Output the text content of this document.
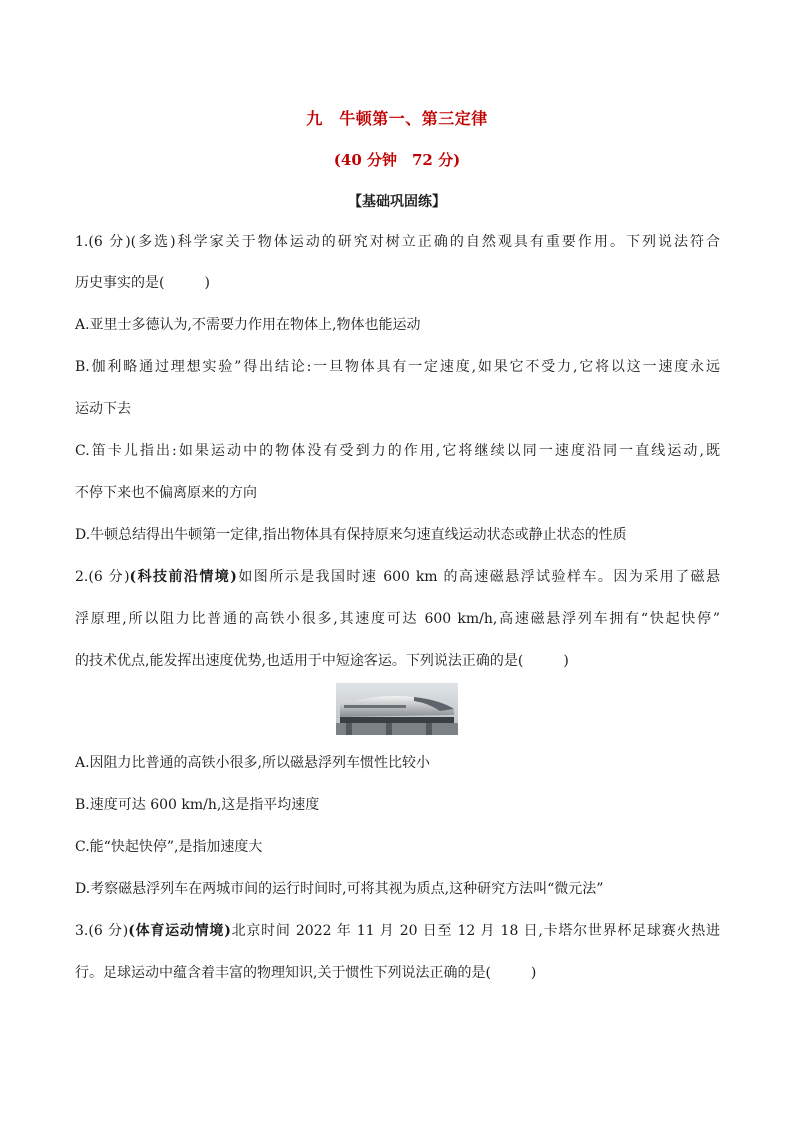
九　牛顿第一、第三定律
(40 分钟　72 分)
【基础巩固练】
1.(6 分)(多选)科学家关于物体运动的研究对树立正确的自然观具有重要作用。下列说法符合
历史事实的是(	)
A.亚里士多德认为,不需要力作用在物体上,物体也能运动
B.伽利略通过理想实验”得出结论:一旦物体具有一定速度,如果它不受力,它将以这一速度永远
运动下去
C.笛卡儿指出:如果运动中的物体没有受到力的作用,它将继续以同一速度沿同一直线运动,既
不停下来也不偏离原来的方向
D.牛顿总结得出牛顿第一定律,指出物体具有保持原来匀速直线运动状态或静止状态的性质
2.(6 分)(科技前沿情境)如图所示是我国时速 600 km 的高速磁悬浮试验样车。因为采用了磁悬
浮原理,所以阻力比普通的高铁小很多,其速度可达 600 km/h,高速磁悬浮列车拥有“快起快停”
的技术优点,能发挥出速度优势,也适用于中短途客运。下列说法正确的是(	)
A.因阻力比普通的高铁小很多,所以磁悬浮列车惯性比较小
B.速度可达 600 km/h,这是指平均速度
C.能“快起快停”,是指加速度大
D.考察磁悬浮列车在两城市间的运行时间时,可将其视为质点,这种研究方法叫“微元法”
3.(6 分)(体育运动情境)北京时间 2022 年 11 月 20 日至 12 月 18 日,卡塔尔世界杯足球赛火热进
行。足球运动中蕴含着丰富的物理知识,关于惯性下列说法正确的是(	)
